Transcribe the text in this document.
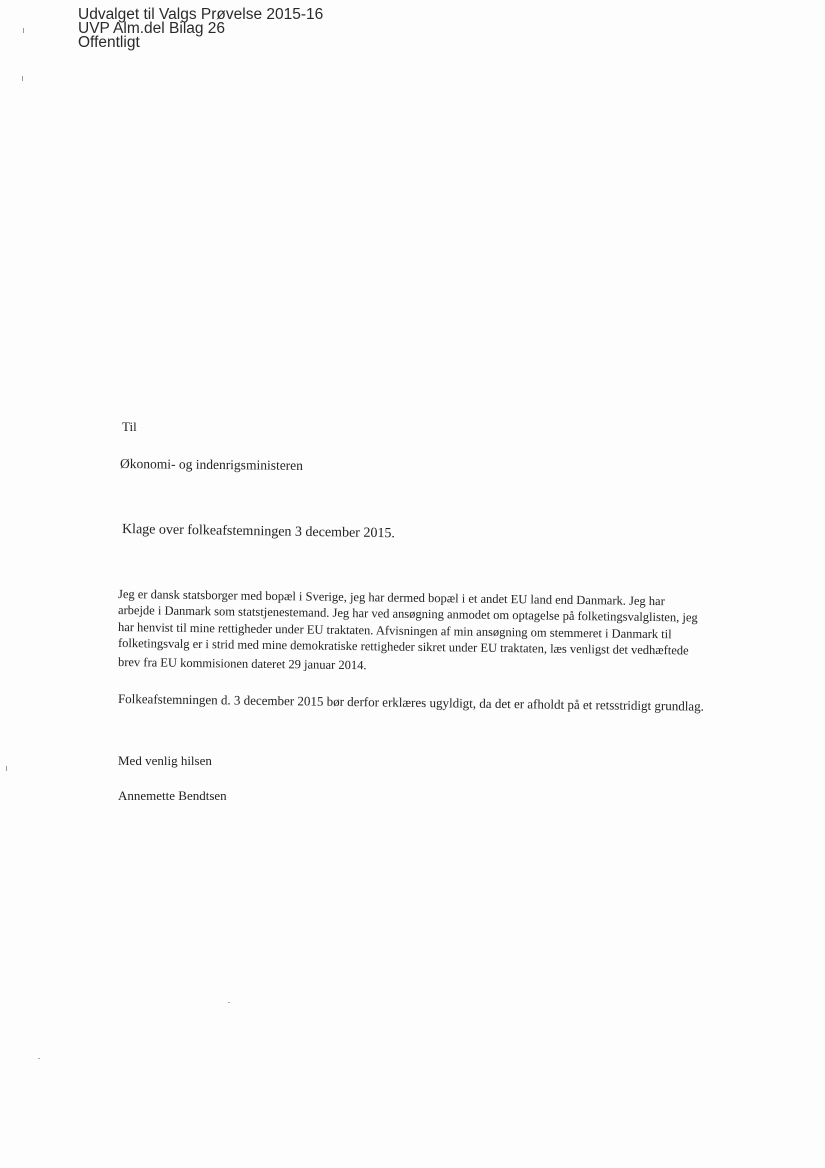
Udvalget til Valgs Prøvelse 2015-16
UVP Alm.del Bilag 26
Offentligt
Til
Økonomi- og indenrigsministeren
Klage over folkeafstemningen 3 december 2015.
Jeg er dansk statsborger med bopæl i Sverige, jeg har dermed bopæl i et andet EU land end Danmark. Jeg har
arbejde i Danmark som statstjenestemand. Jeg har ved ansøgning anmodet om optagelse på folketingsvalglisten, jeg
har henvist til mine rettigheder under EU traktaten. Afvisningen af min ansøgning om stemmeret i Danmark til
folketingsvalg er i strid med mine demokratiske rettigheder sikret under EU traktaten, læs venligst det vedhæftede
brev fra EU kommisionen dateret 29 januar 2014.
Folkeafstemningen d. 3 december 2015 bør derfor erklæres ugyldigt, da det er afholdt på et retsstridigt grundlag.
Med venlig hilsen
Annemette Bendtsen
